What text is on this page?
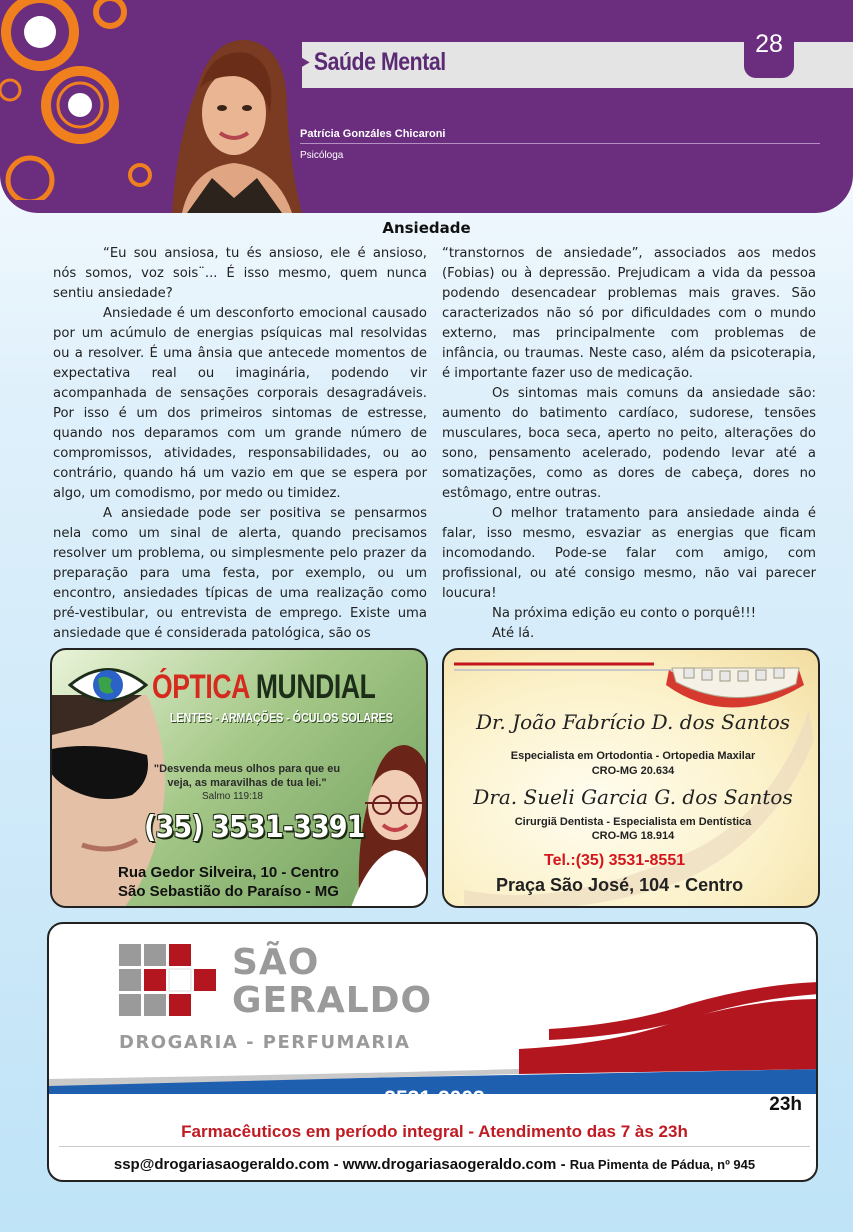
▶ Saúde Mental
28
Patrícia Gonzáles Chicaroni
Psicóloga
Ansiedade

“Eu sou ansiosa, tu és ansioso, ele é ansioso, nós somos, voz sois¨... É isso mesmo, quem nunca sentiu ansiedade?

Ansiedade é um desconforto emocional causado por um acúmulo de energias psíquicas mal resolvidas ou a resolver. É uma ânsia que antecede momentos de expectativa real ou imaginária, podendo vir acompanhada de sensações corporais desagradáveis. Por isso é um dos primeiros sintomas de estresse, quando nos deparamos com um grande número de compromissos, atividades, responsabilidades, ou ao contrário, quando há um vazio em que se espera por algo, um comodismo, por medo ou timidez.

A ansiedade pode ser positiva se pensarmos nela como um sinal de alerta, quando precisamos resolver um problema, ou simplesmente pelo prazer da preparação para uma festa, por exemplo, ou um encontro, ansiedades típicas de uma realização como pré-vestibular, ou entrevista de emprego. Existe uma ansiedade que é considerada patológica, são os

“transtornos de ansiedade”, associados aos medos (Fobias) ou à depressão. Prejudicam a vida da pessoa podendo desencadear problemas mais graves. São caracterizados não só por dificuldades com o mundo externo, mas principalmente com problemas de infância, ou traumas. Neste caso, além da psicoterapia, é importante fazer uso de medicação.

Os sintomas mais comuns da ansiedade são: aumento do batimento cardíaco, sudorese, tensões musculares, boca seca, aperto no peito, alterações do sono, pensamento acelerado, podendo levar até a somatizações, como as dores de cabeça, dores no estômago, entre outras.

O melhor tratamento para ansiedade ainda é falar, isso mesmo, esvaziar as energias que ficam incomodando. Pode-se falar com amigo, com profissional, ou até consigo mesmo, não vai parecer loucura!

Na próxima edição eu conto o porquê!!!

Até lá.

ÓPTICA MUNDIAL
LENTES - ARMAÇÕES - ÓCULOS SOLARES
"Desvenda meus olhos para que eu veja, as maravilhas de tua lei."
Salmo 119:18
(35) 3531-3391
Rua Gedor Silveira, 10 - Centro
São Sebastião do Paraíso - MG
Dr. João Fabrício D. dos Santos
Especialista em Ortodontia - Ortopedia Maxilar
CRO-MG 20.634
Dra. Sueli Garcia G. dos Santos
Cirurgiã Dentista - Especialista em Dentística
CRO-MG 18.914
Tel.:(35) 3531-8551
Praça São José, 104 - Centro
SÃO
GERALDO
DROGARIA - PERFUMARIA
3531-2003	23h
Farmacêuticos em período integral - Atendimento das 7 às 23h
ssp@drogariasaogeraldo.com - www.drogariasaogeraldo.com - Rua Pimenta de Pádua, nº 945
